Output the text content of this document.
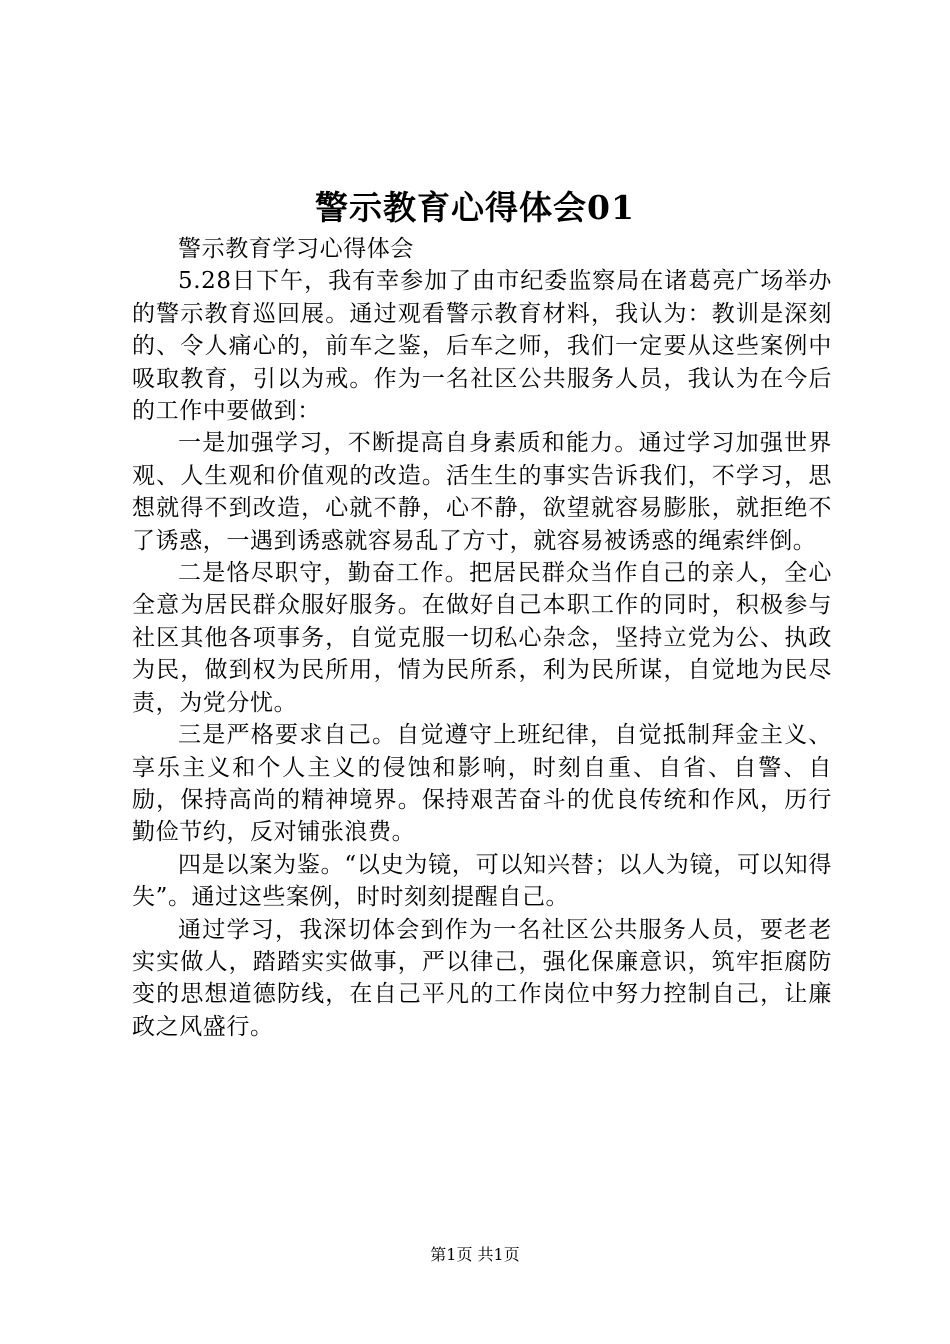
警示教育心得体会01

警示教育学习心得体会

5.28日下午，我有幸参加了由市纪委监察局在诸葛亮广场举办的警示教育巡回展。通过观看警示教育材料，我认为：教训是深刻的、令人痛心的，前车之鉴，后车之师，我们一定要从这些案例中吸取教育，引以为戒。作为一名社区公共服务人员，我认为在今后的工作中要做到：

一是加强学习，不断提高自身素质和能力。通过学习加强世界观、人生观和价值观的改造。活生生的事实告诉我们，不学习，思想就得不到改造，心就不静，心不静，欲望就容易膨胀，就拒绝不了诱惑，一遇到诱惑就容易乱了方寸，就容易被诱惑的绳索绊倒。

二是恪尽职守，勤奋工作。把居民群众当作自己的亲人，全心全意为居民群众服好服务。在做好自己本职工作的同时，积极参与社区其他各项事务，自觉克服一切私心杂念，坚持立党为公、执政为民，做到权为民所用，情为民所系，利为民所谋，自觉地为民尽责，为党分忧。

三是严格要求自己。自觉遵守上班纪律，自觉抵制拜金主义、享乐主义和个人主义的侵蚀和影响，时刻自重、自省、自警、自励，保持高尚的精神境界。保持艰苦奋斗的优良传统和作风，历行勤俭节约，反对铺张浪费。

四是以案为鉴。“以史为镜，可以知兴替；以人为镜，可以知得失”。通过这些案例，时时刻刻提醒自己。

通过学习，我深切体会到作为一名社区公共服务人员，要老老实实做人，踏踏实实做事，严以律己，强化保廉意识，筑牢拒腐防变的思想道德防线，在自己平凡的工作岗位中努力控制自己，让廉政之风盛行。

第1页 共1页
